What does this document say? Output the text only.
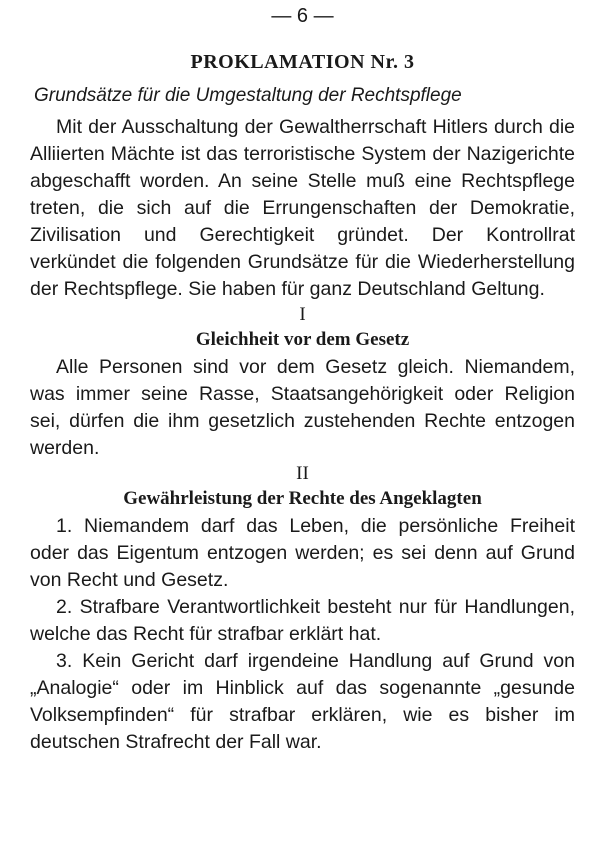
— 6 —
PROKLAMATION Nr. 3
Grundsätze für die Umgestaltung der Rechtspflege

Mit der Ausschaltung der Gewaltherrschaft Hitlers durch die Alliierten Mächte ist das terroristische System der Nazigerichte abgeschafft worden. An seine Stelle muß eine Rechtspflege treten, die sich auf die Errungenschaften der Demokratie, Zivilisation und Gerechtigkeit gründet. Der Kontrollrat verkündet die folgenden Grundsätze für die Wiederherstellung der Rechtspflege. Sie haben für ganz Deutschland Geltung.

I
Gleichheit vor dem Gesetz

Alle Personen sind vor dem Gesetz gleich. Niemandem, was immer seine Rasse, Staatsangehörigkeit oder Religion sei, dürfen die ihm gesetzlich zustehenden Rechte entzogen werden.

II
Gewährleistung der Rechte des Angeklagten

1. Niemandem darf das Leben, die persönliche Freiheit oder das Eigentum entzogen werden; es sei denn auf Grund von Recht und Gesetz.

2. Strafbare Verantwortlichkeit besteht nur für Handlungen, welche das Recht für strafbar erklärt hat.

3. Kein Gericht darf irgendeine Handlung auf Grund von „Analogie“ oder im Hinblick auf das sogenannte „gesunde Volksempfinden“ für strafbar erklären, wie es bisher im deutschen Strafrecht der Fall war.
